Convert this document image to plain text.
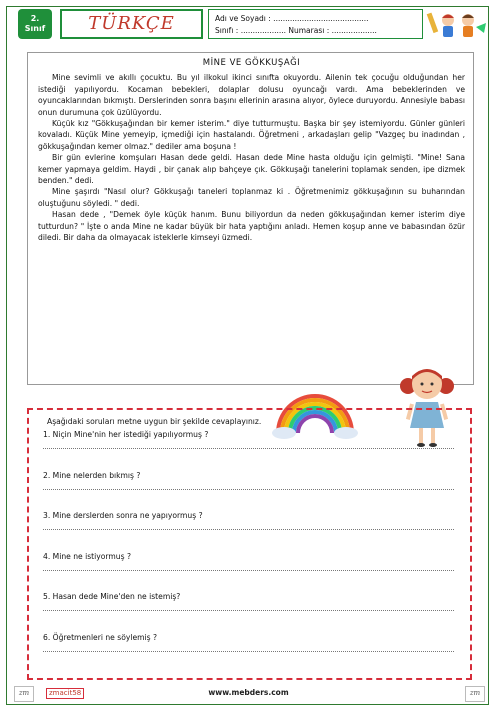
2.
Sınıf	TÜRKÇE	Adı ve Soyadı : ........................................
Sınıfı : ................... Numarası : ...................

MİNE VE GÖKKUŞAĞI

Mine sevimli ve akıllı çocuktu. Bu yıl ilkokul ikinci sınıfta okuyordu. Ailenin tek çocuğu olduğundan her istediği yapılıyordu. Kocaman bebekleri, dolaplar dolusu oyuncağı vardı. Ama bebeklerinden ve oyuncaklarından bıkmıştı. Derslerinden sonra başını ellerinin arasına alıyor, öylece duruyordu. Annesiyle babası onun durumuna çok üzülüyordu.

Küçük kız "Gökkuşağından bir kemer isterim." diye tutturmuştu. Başka bir şey istemiyordu. Günler günleri kovaladı. Küçük Mine yemeyip, içmediği için hastalandı. Öğretmeni , arkadaşları gelip "Vazgeç bu inadından , gökkuşağından kemer olmaz." dediler ama boşuna !

Bir gün evlerine komşuları Hasan dede geldi. Hasan dede Mine hasta olduğu için gelmişti. "Mine! Sana kemer yapmaya geldim. Haydi , bir çanak alıp bahçeye çık. Gökkuşağı tanelerini toplamak senden, ipe dizmek benden." dedi.

Mine şaşırdı "Nasıl olur? Gökkuşağı taneleri toplanmaz ki . Öğretmenimiz gökkuşağının su buharından oluştuğunu söyledi. " dedi.

Hasan dede , "Demek öyle küçük hanım. Bunu biliyordun da neden gökkuşağından kemer isterim diye tutturdun? " İşte o anda Mine ne kadar büyük bir hata yaptığını anladı. Hemen koşup anne ve babasından özür diledi. Bir daha da olmayacak isteklerle kimseyi üzmedi.

Aşağıdaki soruları metne uygun bir şekilde cevaplayınız.

1. Niçin Mine'nin her istediği yapılıyormuş ?
2. Mine nelerden bıkmış ?
3. Mine derslerden sonra ne yapıyormuş ?
4. Mine ne istiyormuş ?
5. Hasan dede Mine'den ne istemiş?
6. Öğretmenleri ne söylemiş ?
zm	www.mebders.com
zmacit58	zm
